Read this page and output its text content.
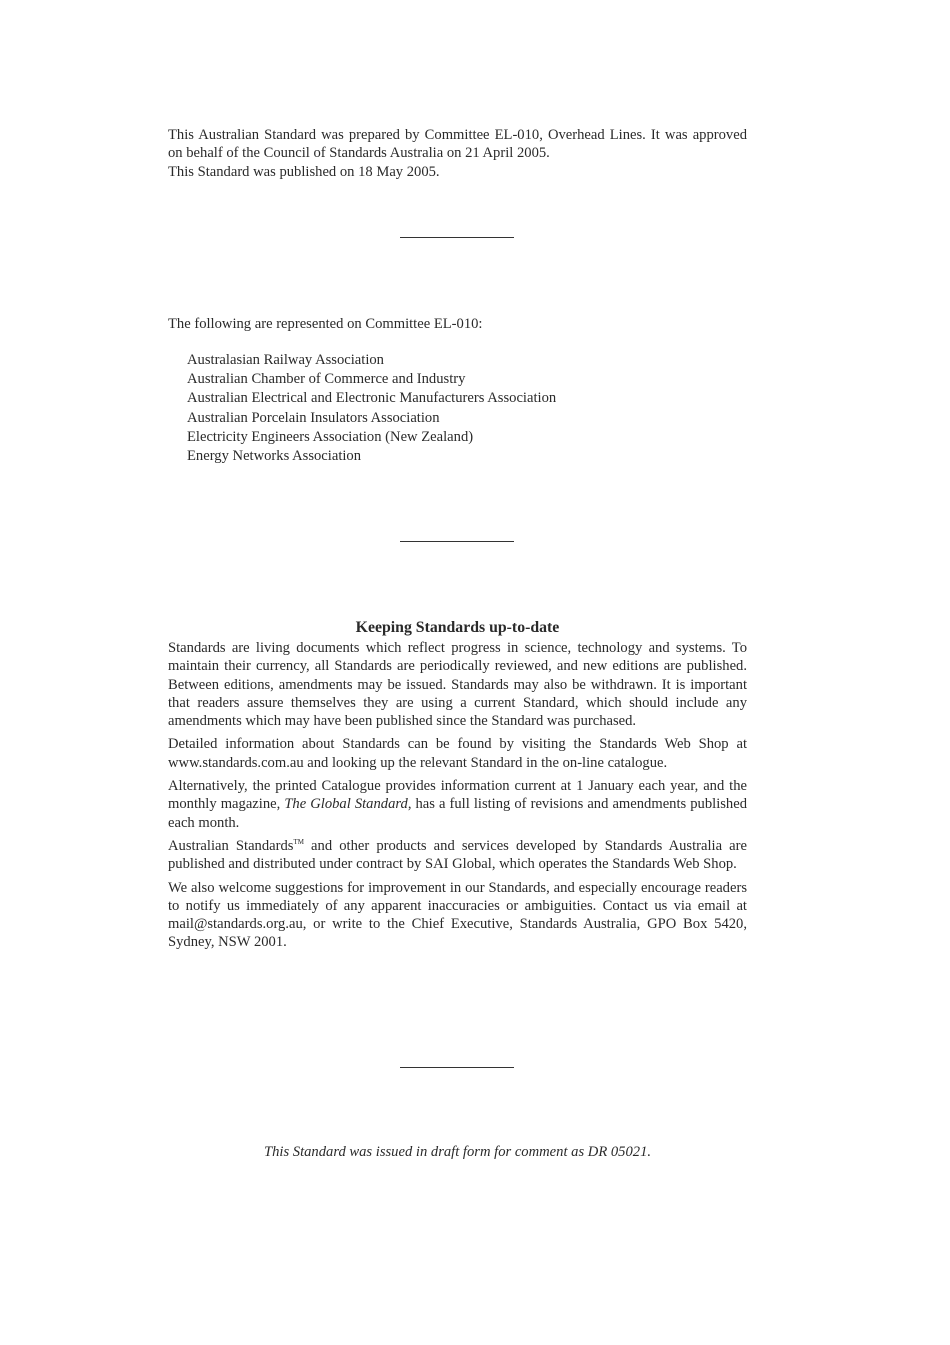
This Australian Standard was prepared by Committee EL-010, Overhead Lines. It was approved on behalf of the Council of Standards Australia on 21 April 2005.

This Standard was published on 18 May 2005.

The following are represented on Committee EL-010:

Australasian Railway Association
Australian Chamber of Commerce and Industry
Australian Electrical and Electronic Manufacturers Association
Australian Porcelain Insulators Association
Electricity Engineers Association (New Zealand)
Energy Networks Association
Keeping Standards up-to-date

Standards are living documents which reflect progress in science, technology and systems. To maintain their currency, all Standards are periodically reviewed, and new editions are published. Between editions, amendments may be issued. Standards may also be withdrawn. It is important that readers assure themselves they are using a current Standard, which should include any amendments which may have been published since the Standard was purchased.

Detailed information about Standards can be found by visiting the Standards Web Shop at www.standards.com.au and looking up the relevant Standard in the on-line catalogue.

Alternatively, the printed Catalogue provides information current at 1 January each year, and the monthly magazine, The Global Standard, has a full listing of revisions and amendments published each month.

Australian Standards™ and other products and services developed by Standards Australia are published and distributed under contract by SAI Global, which operates the Standards Web Shop.

We also welcome suggestions for improvement in our Standards, and especially encourage readers to notify us immediately of any apparent inaccuracies or ambiguities. Contact us via email at mail@standards.org.au, or write to the Chief Executive, Standards Australia, GPO Box 5420, Sydney, NSW 2001.

This Standard was issued in draft form for comment as DR 05021.
